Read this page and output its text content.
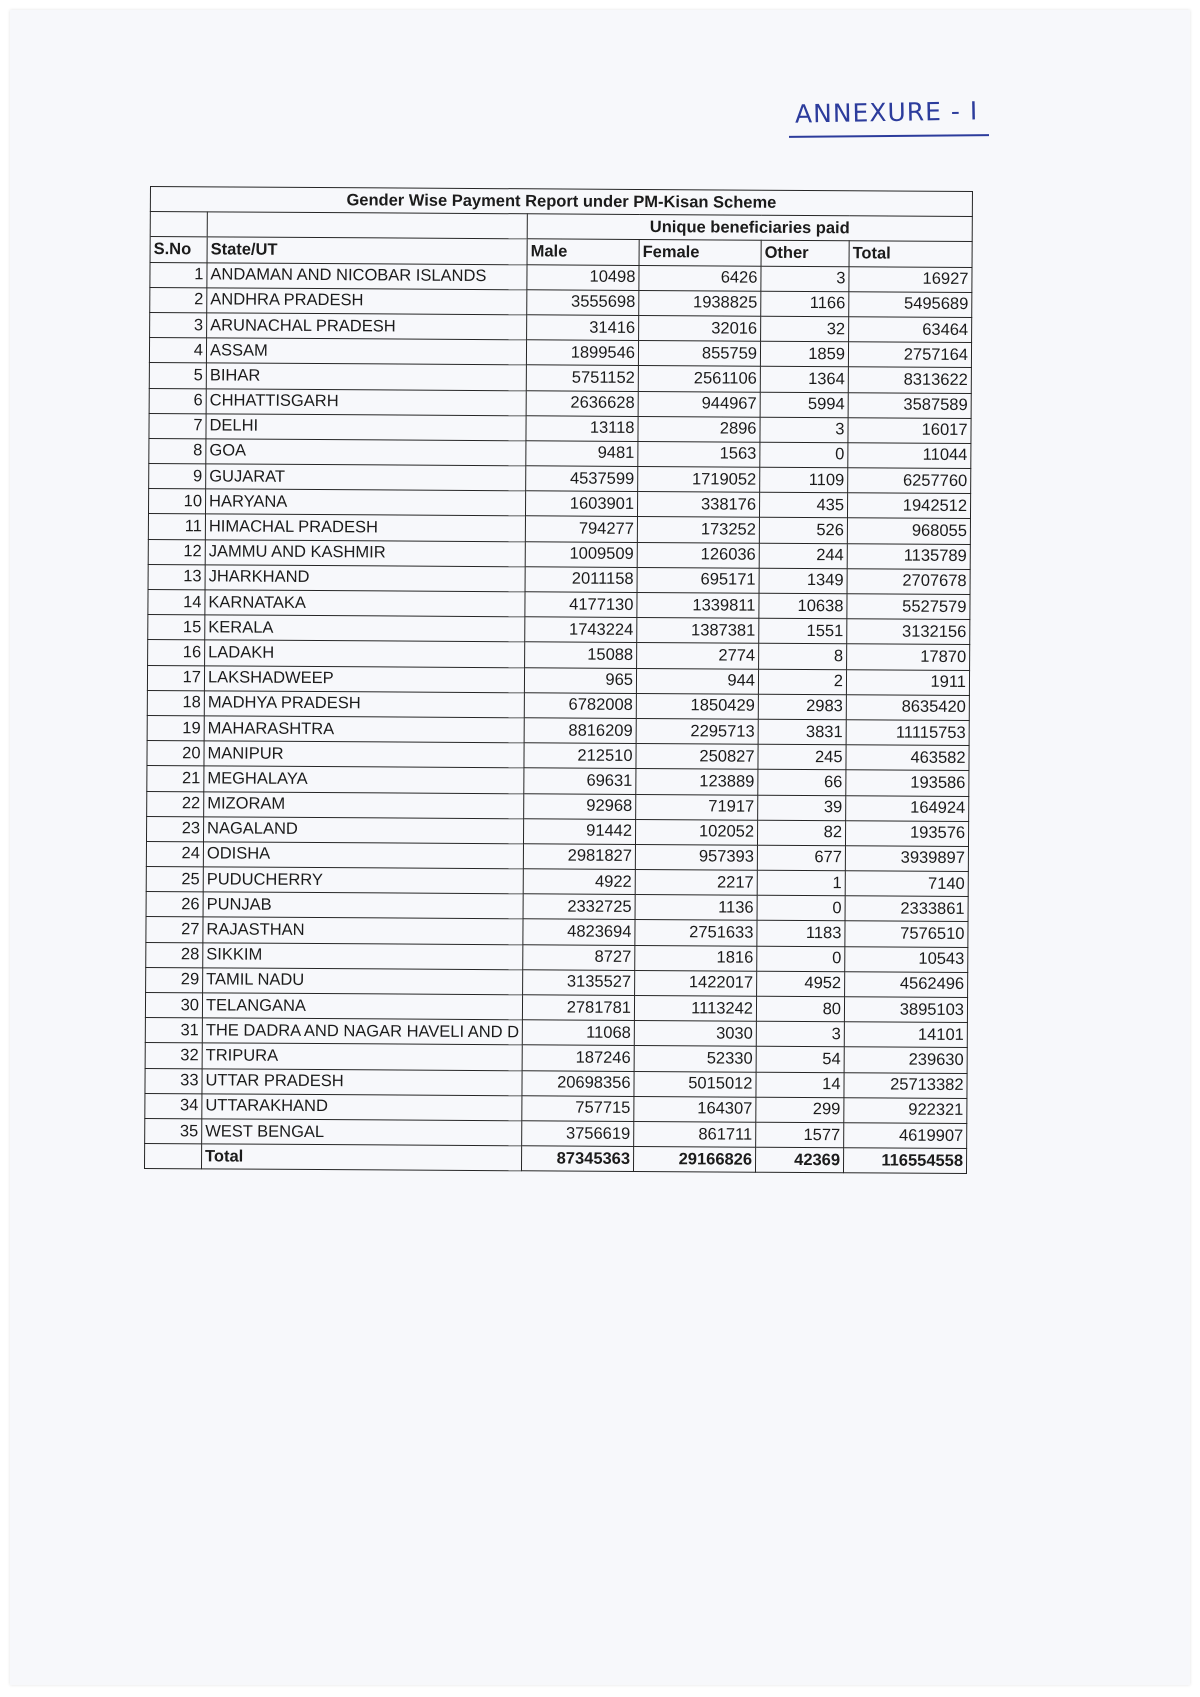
ANNEXURE - I
Gender Wise Payment Report under PM-Kisan Scheme					
		Unique beneficiaries paid			
S.No	State/UT	Male	Female	Other	Total
1	ANDAMAN AND NICOBAR ISLANDS	10498	6426	3	16927
2	ANDHRA PRADESH	3555698	1938825	1166	5495689
3	ARUNACHAL PRADESH	31416	32016	32	63464
4	ASSAM	1899546	855759	1859	2757164
5	BIHAR	5751152	2561106	1364	8313622
6	CHHATTISGARH	2636628	944967	5994	3587589
7	DELHI	13118	2896	3	16017
8	GOA	9481	1563	0	11044
9	GUJARAT	4537599	1719052	1109	6257760
10	HARYANA	1603901	338176	435	1942512
11	HIMACHAL PRADESH	794277	173252	526	968055
12	JAMMU AND KASHMIR	1009509	126036	244	1135789
13	JHARKHAND	2011158	695171	1349	2707678
14	KARNATAKA	4177130	1339811	10638	5527579
15	KERALA	1743224	1387381	1551	3132156
16	LADAKH	15088	2774	8	17870
17	LAKSHADWEEP	965	944	2	1911
18	MADHYA PRADESH	6782008	1850429	2983	8635420
19	MAHARASHTRA	8816209	2295713	3831	11115753
20	MANIPUR	212510	250827	245	463582
21	MEGHALAYA	69631	123889	66	193586
22	MIZORAM	92968	71917	39	164924
23	NAGALAND	91442	102052	82	193576
24	ODISHA	2981827	957393	677	3939897
25	PUDUCHERRY	4922	2217	1	7140
26	PUNJAB	2332725	1136	0	2333861
27	RAJASTHAN	4823694	2751633	1183	7576510
28	SIKKIM	8727	1816	0	10543
29	TAMIL NADU	3135527	1422017	4952	4562496
30	TELANGANA	2781781	1113242	80	3895103
31	THE DADRA AND NAGAR HAVELI AND D	11068	3030	3	14101
32	TRIPURA	187246	52330	54	239630
33	UTTAR PRADESH	20698356	5015012	14	25713382
34	UTTARAKHAND	757715	164307	299	922321
35	WEST BENGAL	3756619	861711	1577	4619907
	Total	87345363	29166826	42369	116554558
